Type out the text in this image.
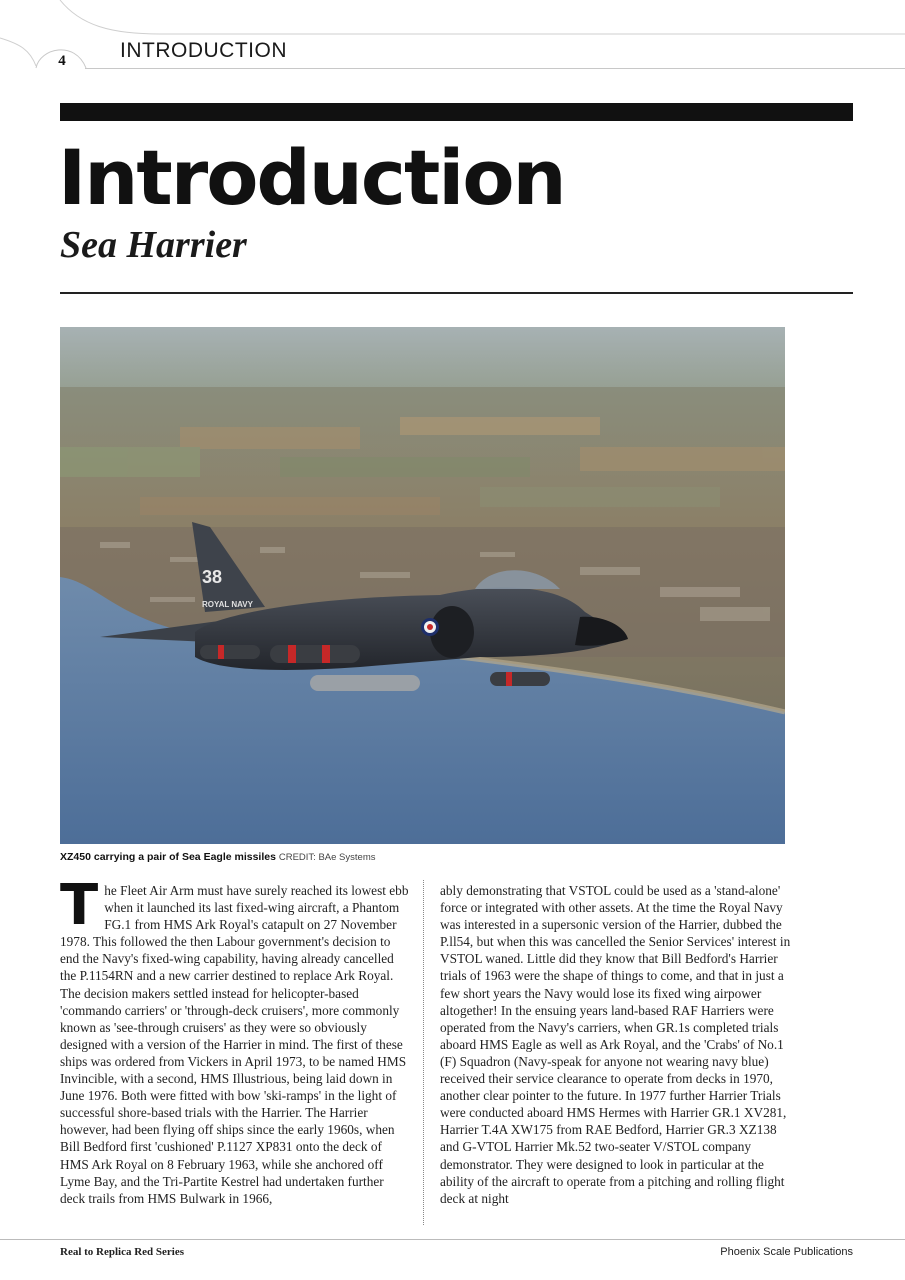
4	INTRODUCTION
Introduction
Sea Harrier
38
ROYAL NAVY
XZ450 carrying a pair of Sea Eagle missiles CREDIT: BAe Systems

The Fleet Air Arm must have surely reached its lowest ebb when it launched its last fixed-wing aircraft, a Phantom FG.1 from HMS Ark Royal's catapult on 27 November 1978. This followed the then Labour government's decision to end the Navy's fixed-wing capability, having already cancelled the P.1154RN and a new carrier destined to replace Ark Royal. The decision makers settled instead for helicopter-based 'commando carriers' or 'through-deck cruisers', more commonly known as 'see-through cruisers' as they were so obviously designed with a version of the Harrier in mind. The first of these ships was ordered from Vickers in April 1973, to be named HMS Invincible, with a second, HMS Illustrious, being laid down in June 1976. Both were fitted with bow 'ski-ramps' in the light of successful shore-based trials with the Harrier. The Harrier however, had been flying off ships since the early 1960s, when Bill Bedford first 'cushioned' P.1127 XP831 onto the deck of HMS Ark Royal on 8 February 1963, while she anchored off Lyme Bay, and the Tri-Partite Kestrel had undertaken further deck trails from HMS Bulwark in 1966,

ably demonstrating that VSTOL could be used as a 'stand-alone' force or integrated with other assets. At the time the Royal Navy was interested in a supersonic version of the Harrier, dubbed the P.ll54, but when this was cancelled the Senior Services' interest in VSTOL waned. Little did they know that Bill Bedford's Harrier trials of 1963 were the shape of things to come, and that in just a few short years the Navy would lose its fixed wing airpower altogether! In the ensuing years land-based RAF Harriers were operated from the Navy's carriers, when GR.1s completed trials aboard HMS Eagle as well as Ark Royal, and the 'Crabs' of No.1 (F) Squadron (Navy-speak for anyone not wearing navy blue) received their service clearance to operate from decks in 1970, another clear pointer to the future. In 1977 further Harrier Trials were conducted aboard HMS Hermes with Harrier GR.1 XV281, Harrier T.4A XW175 from RAE Bedford, Harrier GR.3 XZ138 and G-VTOL Harrier Mk.52 two-seater V/STOL company demonstrator. They were designed to look in particular at the ability of the aircraft to operate from a pitching and rolling flight deck at night

Real to Replica Red Series	Phoenix Scale Publications
